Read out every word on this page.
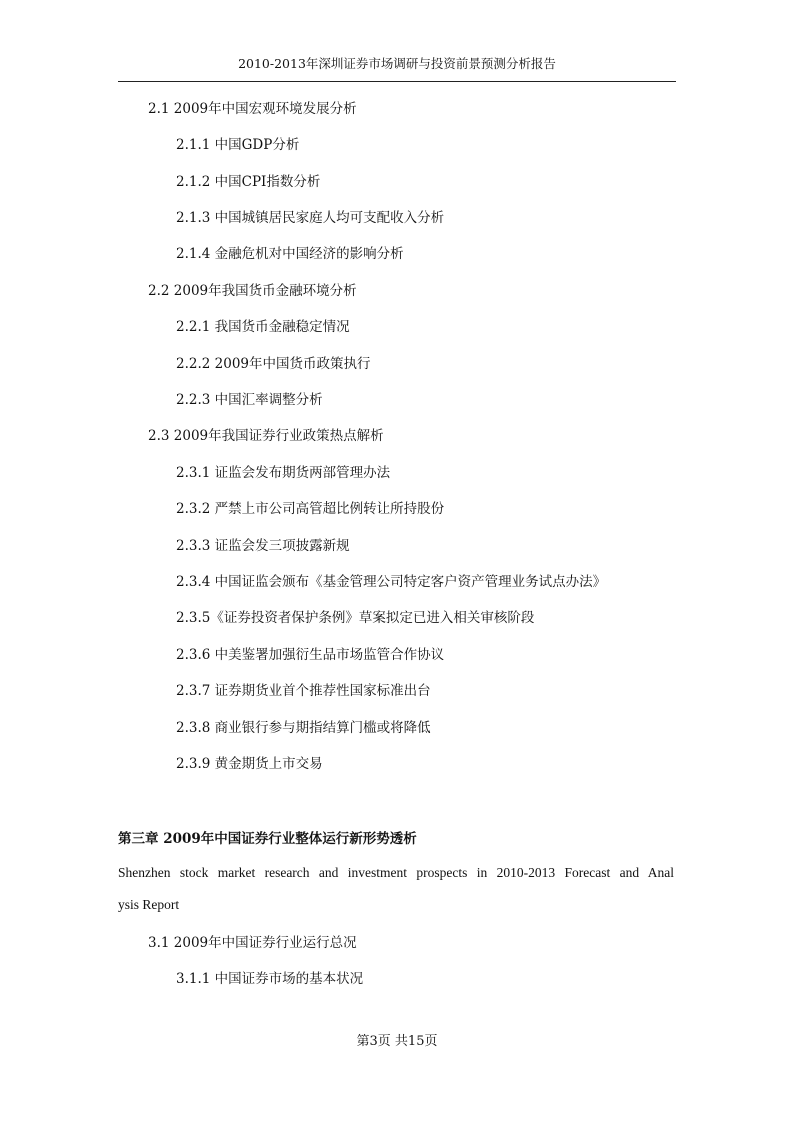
2010-2013年深圳证券市场调研与投资前景预测分析报告
2.1 2009年中国宏观环境发展分析
2.1.1 中国GDP分析
2.1.2 中国CPI指数分析
2.1.3 中国城镇居民家庭人均可支配收入分析
2.1.4 金融危机对中国经济的影响分析
2.2 2009年我国货币金融环境分析
2.2.1 我国货币金融稳定情况
2.2.2 2009年中国货币政策执行
2.2.3 中国汇率调整分析
2.3 2009年我国证券行业政策热点解析
2.3.1 证监会发布期货两部管理办法
2.3.2 严禁上市公司高管超比例转让所持股份
2.3.3 证监会发三项披露新规
2.3.4 中国证监会颁布《基金管理公司特定客户资产管理业务试点办法》
2.3.5《证券投资者保护条例》草案拟定已进入相关审核阶段
2.3.6 中美鉴署加强衍生品市场监管合作协议
2.3.7 证券期货业首个推荐性国家标准出台
2.3.8 商业银行参与期指结算门槛或将降低
2.3.9 黄金期货上市交易
第三章 2009年中国证券行业整体运行新形势透析
Shenzhen stock market research and investment prospects in 2010-2013 Forecast and Anal
ysis Report
3.1 2009年中国证券行业运行总况
3.1.1 中国证券市场的基本状况
第3页 共15页
